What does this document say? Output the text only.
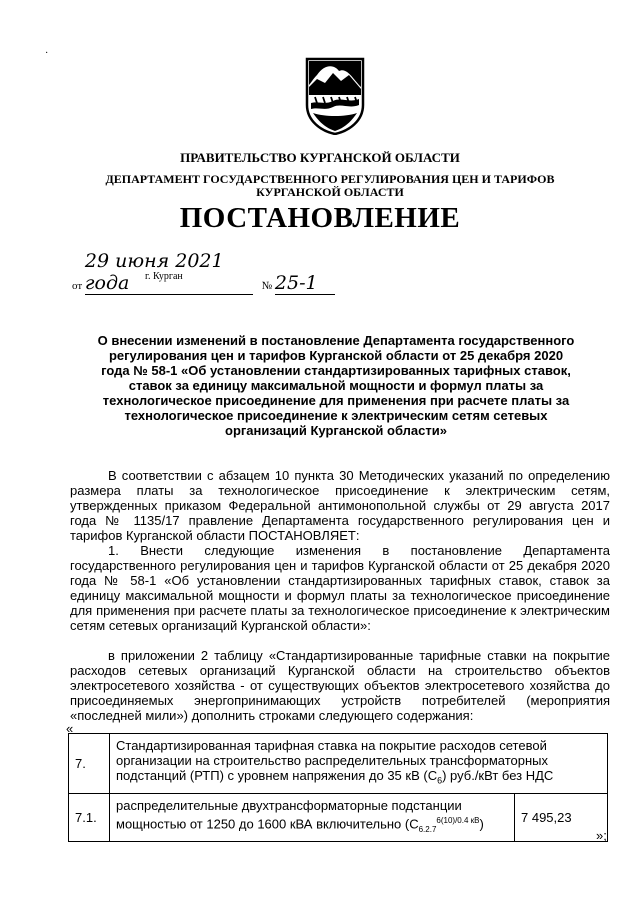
·
ПРАВИТЕЛЬСТВО КУРГАНСКОЙ ОБЛАСТИ
ДЕПАРТАМЕНТ ГОСУДАРСТВЕННОГО РЕГУЛИРОВАНИЯ ЦЕН И ТАРИФОВ КУРГАНСКОЙ ОБЛАСТИ
ПОСТАНОВЛЕНИЕ
от 29 июня 2021 года	№ 25-1
г. Курган
О внесении изменений в постановление Департамента государственного регулирования цен и тарифов Курганской области от 25 декабря 2020 года № 58-1 «Об установлении стандартизированных тарифных ставок, ставок за единицу максимальной мощности и формул платы за технологическое присоединение для применения при расчете платы за технологическое присоединение к электрическим сетям сетевых организаций Курганской области»
В соответствии с абзацем 10 пункта 30 Методических указаний по определению размера платы за технологическое присоединение к электрическим сетям, утвержденных приказом Федеральной антимонопольной службы от 29 августа 2017 года № 1135/17 правление Департамента государственного регулирования цен и тарифов Курганской области ПОСТАНОВЛЯЕТ:
1. Внести следующие изменения в постановление Департамента государственного регулирования цен и тарифов Курганской области от 25 декабря 2020 года № 58-1 «Об установлении стандартизированных тарифных ставок, ставок за единицу максимальной мощности и формул платы за технологическое присоединение для применения при расчете платы за технологическое присоединение к электрическим сетям сетевых организаций Курганской области»:
в приложении 2 таблицу «Стандартизированные тарифные ставки на покрытие расходов сетевых организаций Курганской области на строительство объектов электросетевого хозяйства - от существующих объектов электросетевого хозяйства до присоединяемых энергопринимающих устройств потребителей (мероприятия «последней мили») дополнить строками следующего содержания:
«
7.	Стандартизированная тарифная ставка на покрытие расходов сетевой организации на строительство распределительных трансформаторных подстанций (РТП) с уровнем напряжения до 35 кВ $(С_6)$ руб./кВт без НДС	
7.1.	распределительные двухтрансформаторные подстанции мощностью от 1250 до 1600 кВА включительно $(С_{6.2.7}^{6(10)/0.4 кВ})$	7 495,23
»;
